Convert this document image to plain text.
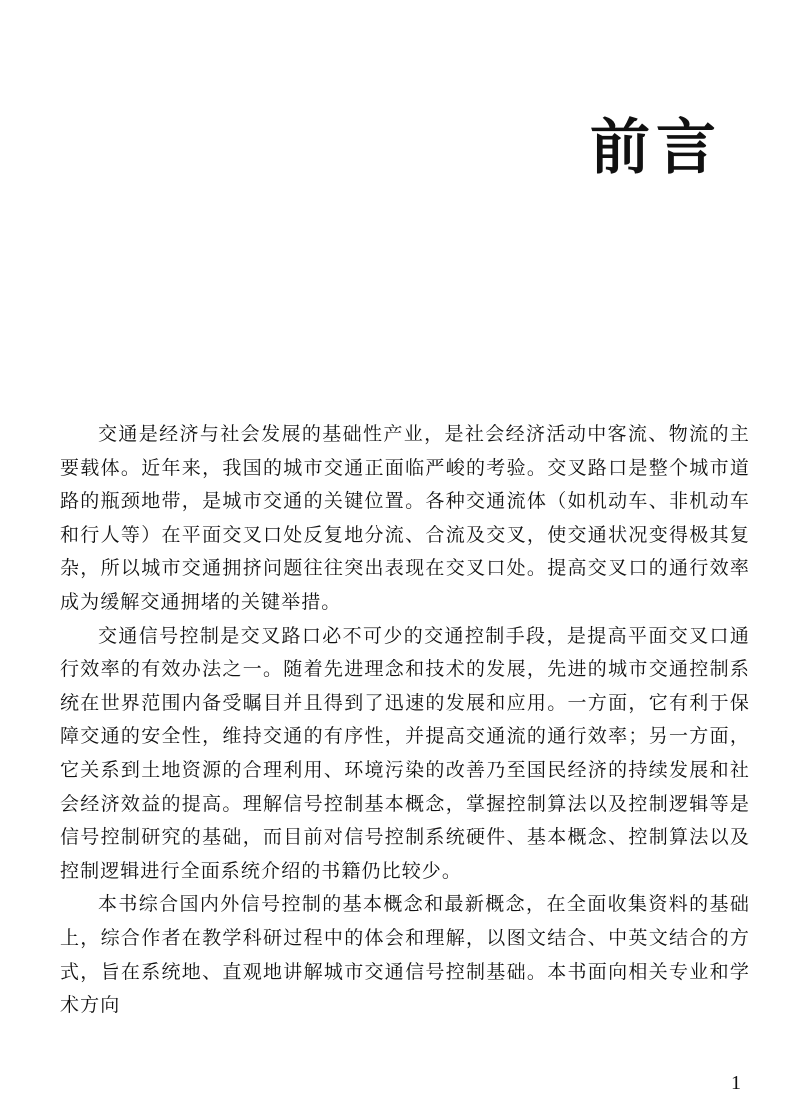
前言

交通是经济与社会发展的基础性产业，是社会经济活动中客流、物流的主要载体。近年来，我国的城市交通正面临严峻的考验。交叉路口是整个城市道路的瓶颈地带，是城市交通的关键位置。各种交通流体（如机动车、非机动车和行人等）在平面交叉口处反复地分流、合流及交叉，使交通状况变得极其复杂，所以城市交通拥挤问题往往突出表现在交叉口处。提高交叉口的通行效率成为缓解交通拥堵的关键举措。

交通信号控制是交叉路口必不可少的交通控制手段，是提高平面交叉口通行效率的有效办法之一。随着先进理念和技术的发展，先进的城市交通控制系统在世界范围内备受瞩目并且得到了迅速的发展和应用。一方面，它有利于保障交通的安全性，维持交通的有序性，并提高交通流的通行效率；另一方面，它关系到土地资源的合理利用、环境污染的改善乃至国民经济的持续发展和社会经济效益的提高。理解信号控制基本概念，掌握控制算法以及控制逻辑等是信号控制研究的基础，而目前对信号控制系统硬件、基本概念、控制算法以及控制逻辑进行全面系统介绍的书籍仍比较少。

本书综合国内外信号控制的基本概念和最新概念，在全面收集资料的基础上，综合作者在教学科研过程中的体会和理解，以图文结合、中英文结合的方式，旨在系统地、直观地讲解城市交通信号控制基础。本书面向相关专业和学术方向

1
